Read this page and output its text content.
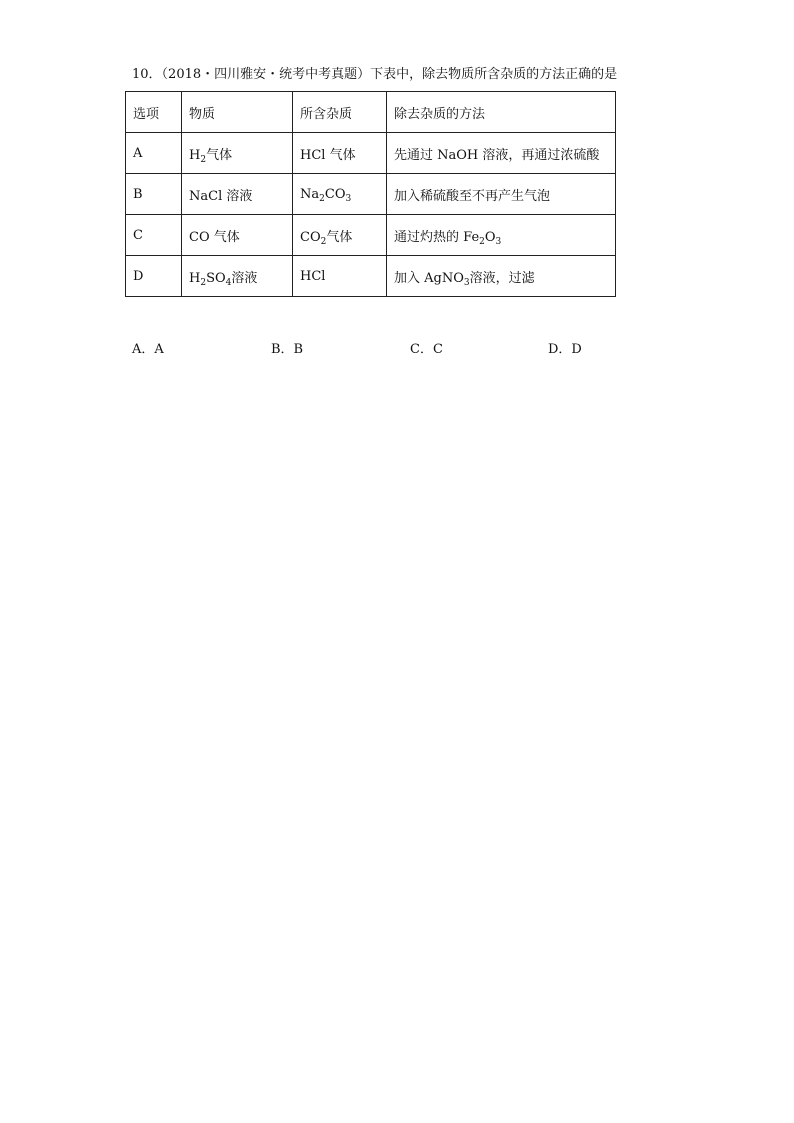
10．（2018・四川雅安・统考中考真题）下表中，除去物质所含杂质的方法正确的是
选项	物质	所含杂质	除去杂质的方法
A	$H_2$气体	HCl 气体	先通过 NaOH 溶液，再通过浓硫酸
B	NaCl 溶液	$Na_2CO_3$	加入稀硫酸至不再产生气泡
C	CO 气体	$CO_2$气体	通过灼热的 $Fe_2O_3$
D	$H_2SO_4$溶液	HCl	加入 AgNO$_3$溶液，过滤
A．A	B．B	C．C	D．D
